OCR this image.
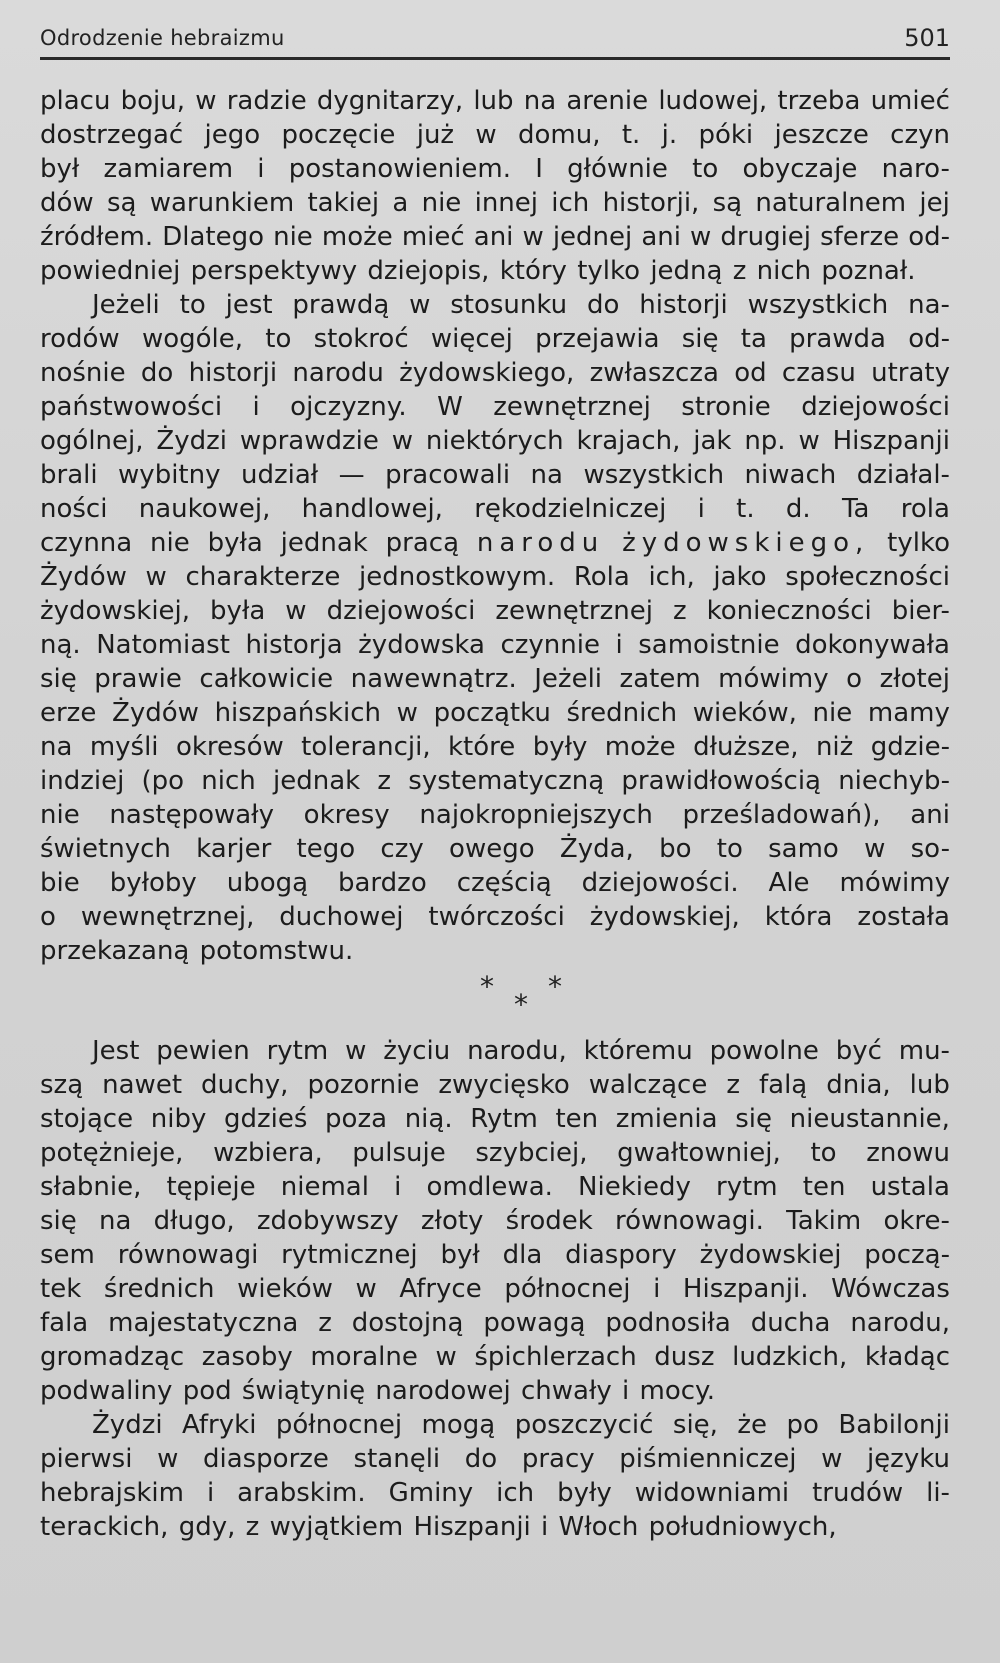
Odrodzenie hebraizmu	501
placu boju, w radzie dygnitarzy, lub na arenie ludowej, trzeba umieć
dostrzegać jego poczęcie już w domu, t. j. póki jeszcze czyn
był zamiarem i postanowieniem. I głównie to obyczaje naro-
dów są warunkiem takiej a nie innej ich historji, są naturalnem jej
źródłem. Dlatego nie może mieć ani w jednej ani w drugiej sferze od-
powiedniej
perspektywy
dziejopis,
który
tylko
jedną
z
nich
poznał.
Jeżeli to jest prawdą w stosunku do historji wszystkich na-
rodów wogóle, to stokroć więcej przejawia się ta prawda od-
nośnie do historji narodu żydowskiego, zwłaszcza od czasu utraty
państwowości i ojczyzny. W zewnętrznej stronie dziejowości
ogólnej, Żydzi wprawdzie w niektórych krajach, jak np. w Hiszpanji
brali wybitny udział — pracowali na wszystkich niwach działal-
ności naukowej, handlowej, rękodzielniczej i t. d. Ta rola
czynna nie była jednak pracą narodu żydowskiego, tylko
Żydów w charakterze jednostkowym. Rola ich, jako społeczności
żydowskiej, była w dziejowości zewnętrznej z konieczności bier-
ną. Natomiast historja żydowska czynnie i samoistnie dokonywała
się prawie całkowicie nawewnątrz. Jeżeli zatem mówimy o złotej
erze Żydów hiszpańskich w początku średnich wieków, nie mamy
na myśli okresów tolerancji, które były może dłuższe, niż gdzie-
indziej (po nich jednak z systematyczną prawidłowością niechyb-
nie następowały okresy najokropniejszych prześladowań), ani
świetnych karjer tego czy owego Żyda, bo to samo w so-
bie byłoby ubogą bardzo częścią dziejowości. Ale mówimy
o wewnętrznej, duchowej twórczości żydowskiej, która została
przekazaną
potomstwu.
* *
*
Jest pewien rytm w życiu narodu, któremu powolne być mu-
szą nawet duchy, pozornie zwycięsko walczące z falą dnia, lub
stojące niby gdzieś poza nią. Rytm ten zmienia się nieustannie,
potężnieje, wzbiera, pulsuje szybciej, gwałtowniej, to znowu
słabnie, tępieje niemal i omdlewa. Niekiedy rytm ten ustala
się na długo, zdobywszy złoty środek równowagi. Takim okre-
sem równowagi rytmicznej był dla diaspory żydowskiej począ-
tek średnich wieków w Afryce północnej i Hiszpanji. Wówczas
fala majestatyczna z dostojną powagą podnosiła ducha narodu,
gromadząc zasoby moralne w śpichlerzach dusz ludzkich, kładąc
podwaliny
pod
świątynię
narodowej
chwały
i
mocy.
Żydzi Afryki północnej mogą poszczycić się, że po Babilonji
pierwsi w diasporze stanęli do pracy piśmienniczej w języku
hebrajskim i arabskim. Gminy ich były widowniami trudów li-
terackich,
gdy,
z
wyjątkiem
Hiszpanji
i
Włoch
południowych,
